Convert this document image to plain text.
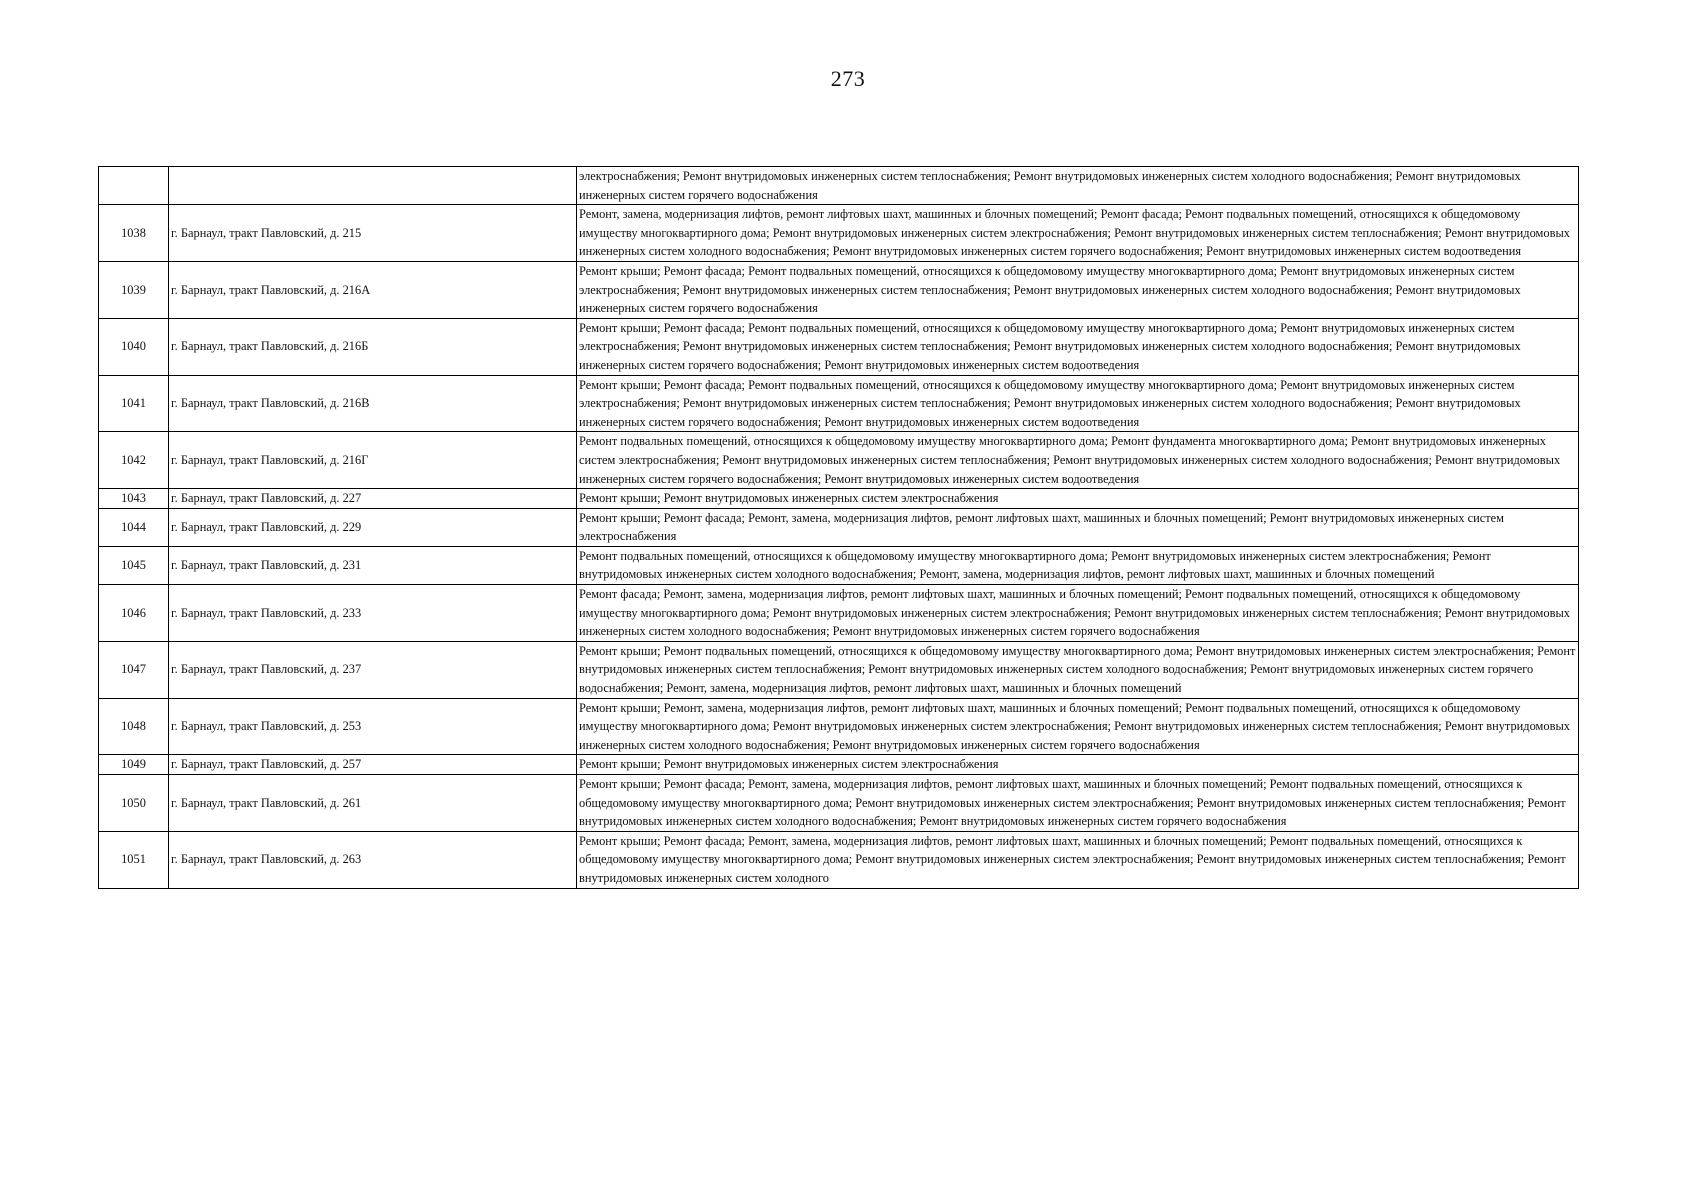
273
		электроснабжения; Ремонт внутридомовых инженерных систем теплоснабжения; Ремонт внутридомовых инженерных систем холодного водоснабжения; Ремонт внутридомовых инженерных систем горячего водоснабжения
1038	г. Барнаул, тракт Павловский, д. 215	Ремонт, замена, модернизация лифтов, ремонт лифтовых шахт, машинных и блочных помещений; Ремонт фасада; Ремонт подвальных помещений, относящихся к общедомовому имуществу многоквартирного дома; Ремонт внутридомовых инженерных систем электроснабжения; Ремонт внутридомовых инженерных систем теплоснабжения; Ремонт внутридомовых инженерных систем холодного водоснабжения; Ремонт внутридомовых инженерных систем горячего водоснабжения; Ремонт внутридомовых инженерных систем водоотведения
1039	г. Барнаул, тракт Павловский, д. 216А	Ремонт крыши; Ремонт фасада; Ремонт подвальных помещений, относящихся к общедомовому имуществу многоквартирного дома; Ремонт внутридомовых инженерных систем электроснабжения; Ремонт внутридомовых инженерных систем теплоснабжения; Ремонт внутридомовых инженерных систем холодного водоснабжения; Ремонт внутридомовых инженерных систем горячего водоснабжения
1040	г. Барнаул, тракт Павловский, д. 216Б	Ремонт крыши; Ремонт фасада; Ремонт подвальных помещений, относящихся к общедомовому имуществу многоквартирного дома; Ремонт внутридомовых инженерных систем электроснабжения; Ремонт внутридомовых инженерных систем теплоснабжения; Ремонт внутридомовых инженерных систем холодного водоснабжения; Ремонт внутридомовых инженерных систем горячего водоснабжения; Ремонт внутридомовых инженерных систем водоотведения
1041	г. Барнаул, тракт Павловский, д. 216В	Ремонт крыши; Ремонт фасада; Ремонт подвальных помещений, относящихся к общедомовому имуществу многоквартирного дома; Ремонт внутридомовых инженерных систем электроснабжения; Ремонт внутридомовых инженерных систем теплоснабжения; Ремонт внутридомовых инженерных систем холодного водоснабжения; Ремонт внутридомовых инженерных систем горячего водоснабжения; Ремонт внутридомовых инженерных систем водоотведения
1042	г. Барнаул, тракт Павловский, д. 216Г	Ремонт подвальных помещений, относящихся к общедомовому имуществу многоквартирного дома; Ремонт фундамента многоквартирного дома; Ремонт внутридомовых инженерных систем электроснабжения; Ремонт внутридомовых инженерных систем теплоснабжения; Ремонт внутридомовых инженерных систем холодного водоснабжения; Ремонт внутридомовых инженерных систем горячего водоснабжения; Ремонт внутридомовых инженерных систем водоотведения
1043	г. Барнаул, тракт Павловский, д. 227	Ремонт крыши; Ремонт внутридомовых инженерных систем электроснабжения
1044	г. Барнаул, тракт Павловский, д. 229	Ремонт крыши; Ремонт фасада; Ремонт, замена, модернизация лифтов, ремонт лифтовых шахт, машинных и блочных помещений; Ремонт внутридомовых инженерных систем электроснабжения
1045	г. Барнаул, тракт Павловский, д. 231	Ремонт подвальных помещений, относящихся к общедомовому имуществу многоквартирного дома; Ремонт внутридомовых инженерных систем электроснабжения; Ремонт внутридомовых инженерных систем холодного водоснабжения; Ремонт, замена, модернизация лифтов, ремонт лифтовых шахт, машинных и блочных помещений
1046	г. Барнаул, тракт Павловский, д. 233	Ремонт фасада; Ремонт, замена, модернизация лифтов, ремонт лифтовых шахт, машинных и блочных помещений; Ремонт подвальных помещений, относящихся к общедомовому имуществу многоквартирного дома; Ремонт внутридомовых инженерных систем электроснабжения; Ремонт внутридомовых инженерных систем теплоснабжения; Ремонт внутридомовых инженерных систем холодного водоснабжения; Ремонт внутридомовых инженерных систем горячего водоснабжения
1047	г. Барнаул, тракт Павловский, д. 237	Ремонт крыши; Ремонт подвальных помещений, относящихся к общедомовому имуществу многоквартирного дома; Ремонт внутридомовых инженерных систем электроснабжения; Ремонт внутридомовых инженерных систем теплоснабжения; Ремонт внутридомовых инженерных систем холодного водоснабжения; Ремонт внутридомовых инженерных систем горячего водоснабжения; Ремонт, замена, модернизация лифтов, ремонт лифтовых шахт, машинных и блочных помещений
1048	г. Барнаул, тракт Павловский, д. 253	Ремонт крыши; Ремонт, замена, модернизация лифтов, ремонт лифтовых шахт, машинных и блочных помещений; Ремонт подвальных помещений, относящихся к общедомовому имуществу многоквартирного дома; Ремонт внутридомовых инженерных систем электроснабжения; Ремонт внутридомовых инженерных систем теплоснабжения; Ремонт внутридомовых инженерных систем холодного водоснабжения; Ремонт внутридомовых инженерных систем горячего водоснабжения
1049	г. Барнаул, тракт Павловский, д. 257	Ремонт крыши; Ремонт внутридомовых инженерных систем электроснабжения
1050	г. Барнаул, тракт Павловский, д. 261	Ремонт крыши; Ремонт фасада; Ремонт, замена, модернизация лифтов, ремонт лифтовых шахт, машинных и блочных помещений; Ремонт подвальных помещений, относящихся к общедомовому имуществу многоквартирного дома; Ремонт внутридомовых инженерных систем электроснабжения; Ремонт внутридомовых инженерных систем теплоснабжения; Ремонт внутридомовых инженерных систем холодного водоснабжения; Ремонт внутридомовых инженерных систем горячего водоснабжения
1051	г. Барнаул, тракт Павловский, д. 263	Ремонт крыши; Ремонт фасада; Ремонт, замена, модернизация лифтов, ремонт лифтовых шахт, машинных и блочных помещений; Ремонт подвальных помещений, относящихся к общедомовому имуществу многоквартирного дома; Ремонт внутридомовых инженерных систем электроснабжения; Ремонт внутридомовых инженерных систем теплоснабжения; Ремонт внутридомовых инженерных систем холодного
